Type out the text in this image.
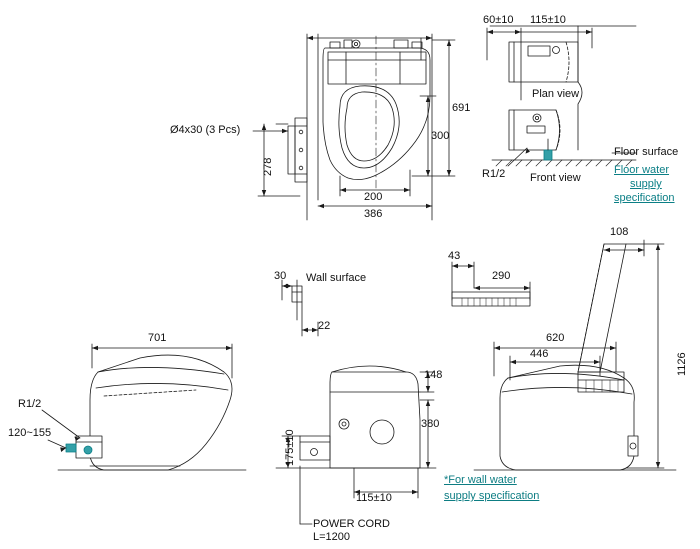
Ø4x30 (3 Pcs)
278
691
300
200
386
60±10 115±10
Plan view
Front view
R1/2
Floor surface
Floor water
supply
specification
701
R1/2
120~155
30 Wall surface
22
148
380
175±10
115±10
POWER CORD
L=1200
43
290
108
1126
620
446
*For wall water
supply specification
